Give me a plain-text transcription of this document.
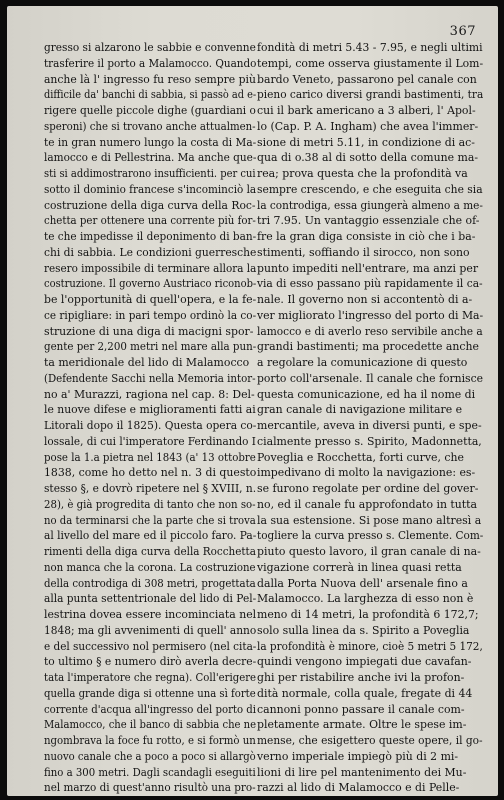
367
gresso si alzarono le sabbie e convenne
trasferire il porto a Malamocco. Quando
anche là l' ingresso fu reso sempre più
difficile da' banchi di sabbia, si passò ad e-
rigere quelle piccole dighe (guardiani o
speroni) che si trovano anche attualmen-
te in gran numero lungo la costa di Ma-
lamocco e di Pellestrina. Ma anche que-
sti si addimostrarono insufficienti. per cui
sotto il dominio francese s'incominciò la
costruzione della diga curva della Roc-
chetta per ottenere una corrente più for-
te che impedisse il deponimento di ban-
chi di sabbia. Le condizioni guerresche
resero impossibile di terminare allora la
costruzione. Il governo Austriaco riconob-
be l'opportunità di quell'opera, e la fe-
ce ripigliare: in pari tempo ordinò la co-
struzione di una diga di macigni spor-
gente per 2,200 metri nel mare alla pun-
ta meridionale del lido di Malamocco
(Defendente Sacchi nella Memoria intor-
no a' Murazzi, ragiona nel cap. 8: Del-
le nuove difese e miglioramenti fatti ai
Litorali dopo il 1825). Questa opera co-
lossale, di cui l'imperatore Ferdinando I
pose la 1.a pietra nel 1843 (a' 13 ottobre
1838, come ho detto nel n. 3 di questo
stesso §, e dovrò ripetere nel § XVIII, n.
28), è già progredita di tanto che non so-
no da terminarsi che la parte che si trova
al livello del mare ed il piccolo faro. Pa-
rimenti della diga curva della Rocchetta
non manca che la corona. La costruzione
della controdiga di 308 metri, progettata
alla punta settentrionale del lido di Pel-
lestrina dovea essere incominciata nel
1848; ma gli avvenimenti di quell' anno
e del successivo nol permisero (nel cita-
to ultimo § e numero dirò averla decre-
tata l'imperatore che regna). Coll'erigere
quella grande diga si ottenne una sì forte
corrente d'acqua all'ingresso del porto di
Malamocco, che il banco di sabbia che ne
ngombrava la foce fu rotto, e si formò un
nuovo canale che a poco a poco si allargò
fino a 300 metri. Dagli scandagli eseguiti
nel marzo di quest'anno risultò una pro-
fondità di metri 5.43 - 7.95, e negli ultimi
tempi, come osserva giustamente il Lom-
bardo Veneto, passarono pel canale con
pieno carico diversi grandi bastimenti, tra
cui il bark americano a 3 alberi, l' Apol-
lo (Cap. P. A. Ingham) che avea l'immer-
sione di metri 5.11, in condizione di ac-
qua di o.38 al di sotto della comune ma-
rea; prova questa che la profondità va
sempre crescendo, e che eseguita che sia
la controdiga, essa giungerà almeno a me-
tri 7.95. Un vantaggio essenziale che of-
fre la gran diga consiste in ciò che i ba-
stimenti, soffiando il sirocco, non sono
punto impediti nell'entrare, ma anzi per
via di esso passano più rapidamente il ca-
nale. Il governo non si accontentò di a-
ver migliorato l'ingresso del porto di Ma-
lamocco e di averlo reso servibile anche a
grandi bastimenti; ma procedette anche
a regolare la comunicazione di questo
porto coll'arsenale. Il canale che fornisce
questa comunicazione, ed ha il nome di
gran canale di navigazione militare e
mercantile, aveva in diversi punti, e spe-
cialmente presso s. Spirito, Madonnetta,
Poveglia e Rocchetta, forti curve, che
impedivano di molto la navigazione: es-
se furono regolate per ordine del gover-
no, ed il canale fu approfondato in tutta
la sua estensione. Si pose mano altresì a
togliere la curva presso s. Clemente. Com-
piuto questo lavoro, il gran canale di na-
vigazione correrà in linea quasi retta
dalla Porta Nuova dell' arsenale fino a
Malamocco. La larghezza di esso non è
meno di 14 metri, la profondità 6 172,7;
solo sulla linea da s. Spirito a Poveglia
la profondità è minore, cioè 5 metri 5 172,
quindi vengono impiegati due cavafan-
ghi per ristabilire anche ivi la profon-
dità normale, colla quale, fregate di 44
cannoni ponno passare il canale com-
pletamente armate. Oltre le spese im-
mense, che esigettero queste opere, il go-
verno imperiale impiegò più di 2 mi-
lioni di lire pel mantenimento dei Mu-
razzi al lido di Malamocco e di Pelle-
